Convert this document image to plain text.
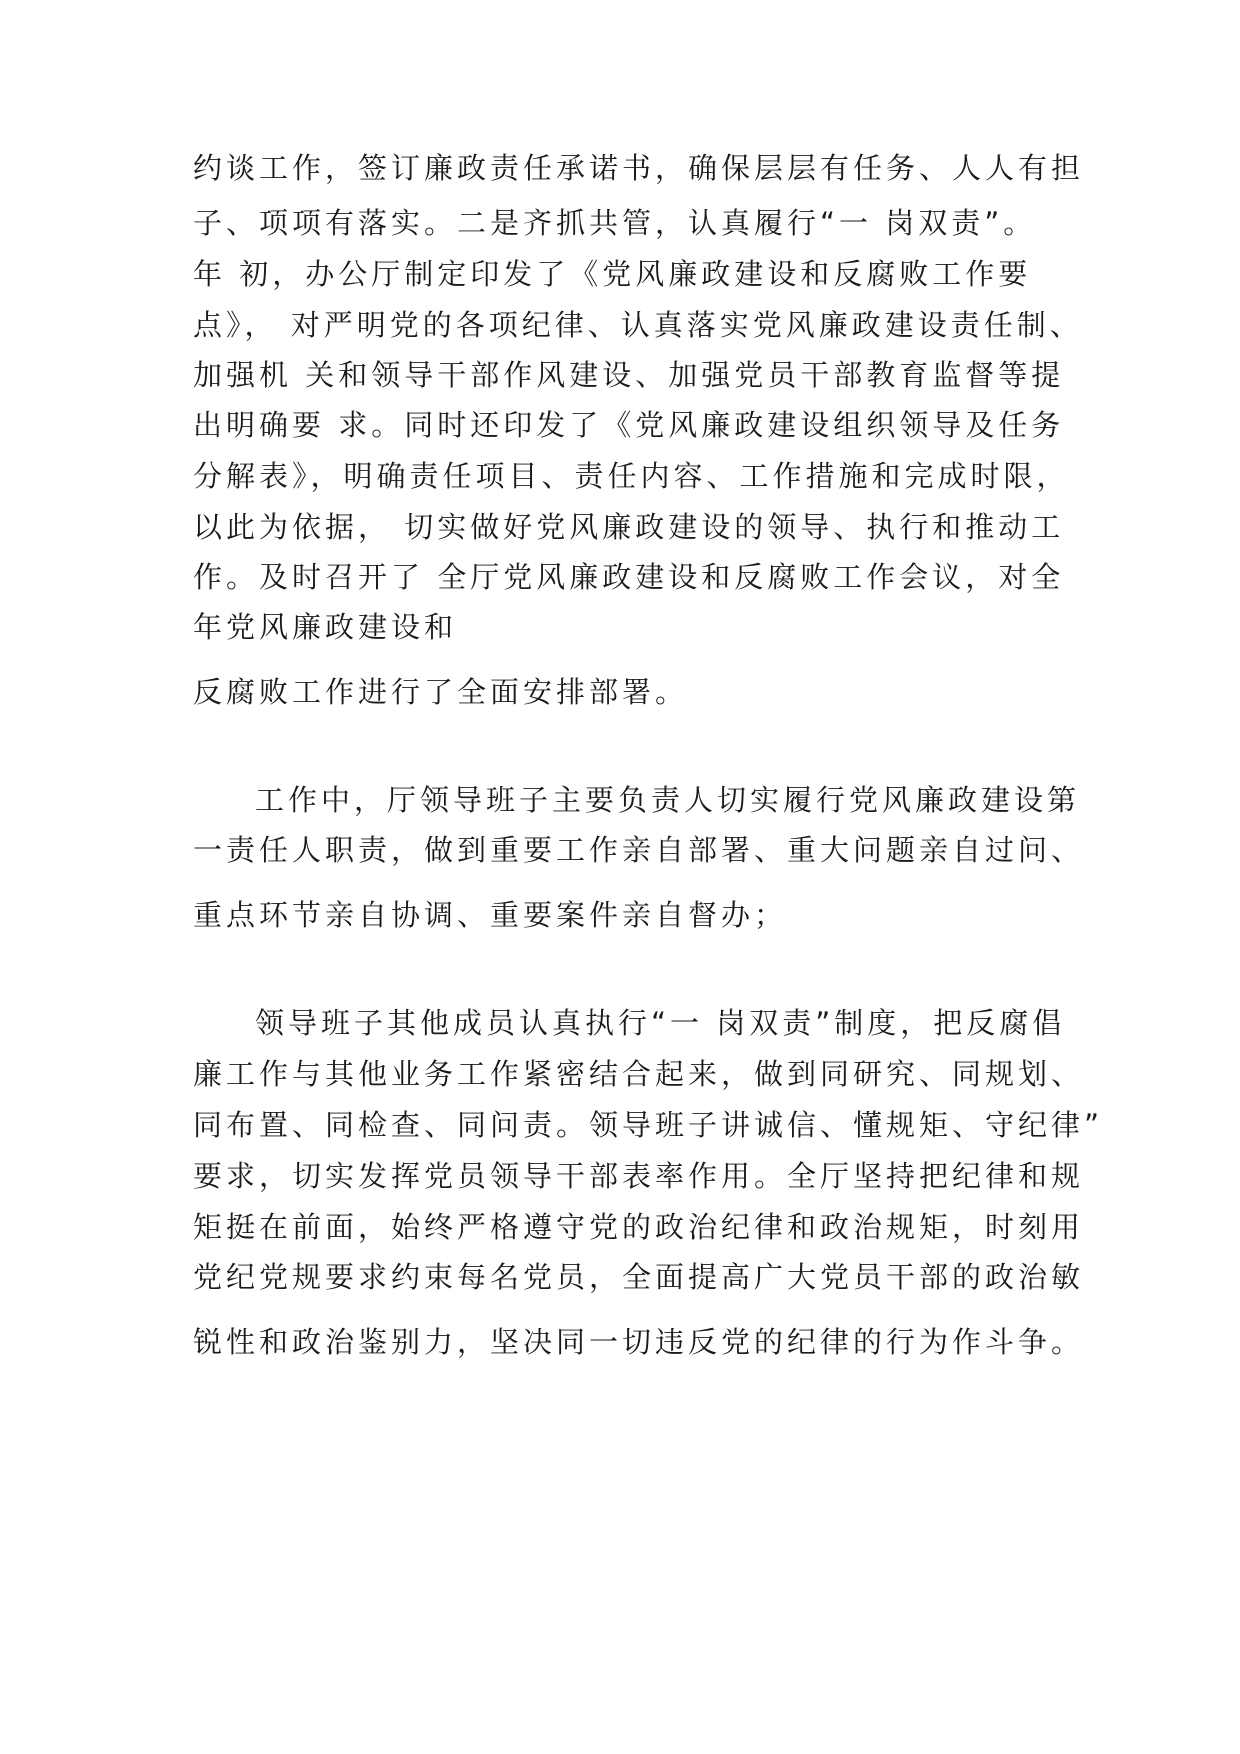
约谈工作，签订廉政责任承诺书，确保层层有任务、人人有担
子、项项有落实。二是齐抓共管，认真履行“一 岗双责”。
年 初，办公厅制定印发了《党风廉政建设和反腐败工作要
点》， 对严明党的各项纪律、认真落实党风廉政建设责任制、
加强机 关和领导干部作风建设、加强党员干部教育监督等提
出明确要 求。同时还印发了《党风廉政建设组织领导及任务
分解表》，明确责任项目、责任内容、工作措施和完成时限，
以此为依据， 切实做好党风廉政建设的领导、执行和推动工
作。及时召开了 全厅党风廉政建设和反腐败工作会议，对全
年党风廉政建设和
反腐败工作进行了全面安排部署。
工作中，厅领导班子主要负责人切实履行党风廉政建设第
一责任人职责，做到重要工作亲自部署、重大问题亲自过问、
重点环节亲自协调、重要案件亲自督办；
领导班子其他成员认真执行“一 岗双责”制度，把反腐倡
廉工作与其他业务工作紧密结合起来，做到同研究、同规划、
同布置、同检查、同问责。领导班子讲诚信、懂规矩、守纪律”
要求，切实发挥党员领导干部表率作用。全厅坚持把纪律和规
矩挺在前面，始终严格遵守党的政治纪律和政治规矩，时刻用
党纪党规要求约束每名党员，全面提高广大党员干部的政治敏
锐性和政治鉴别力，坚决同一切违反党的纪律的行为作斗争。
